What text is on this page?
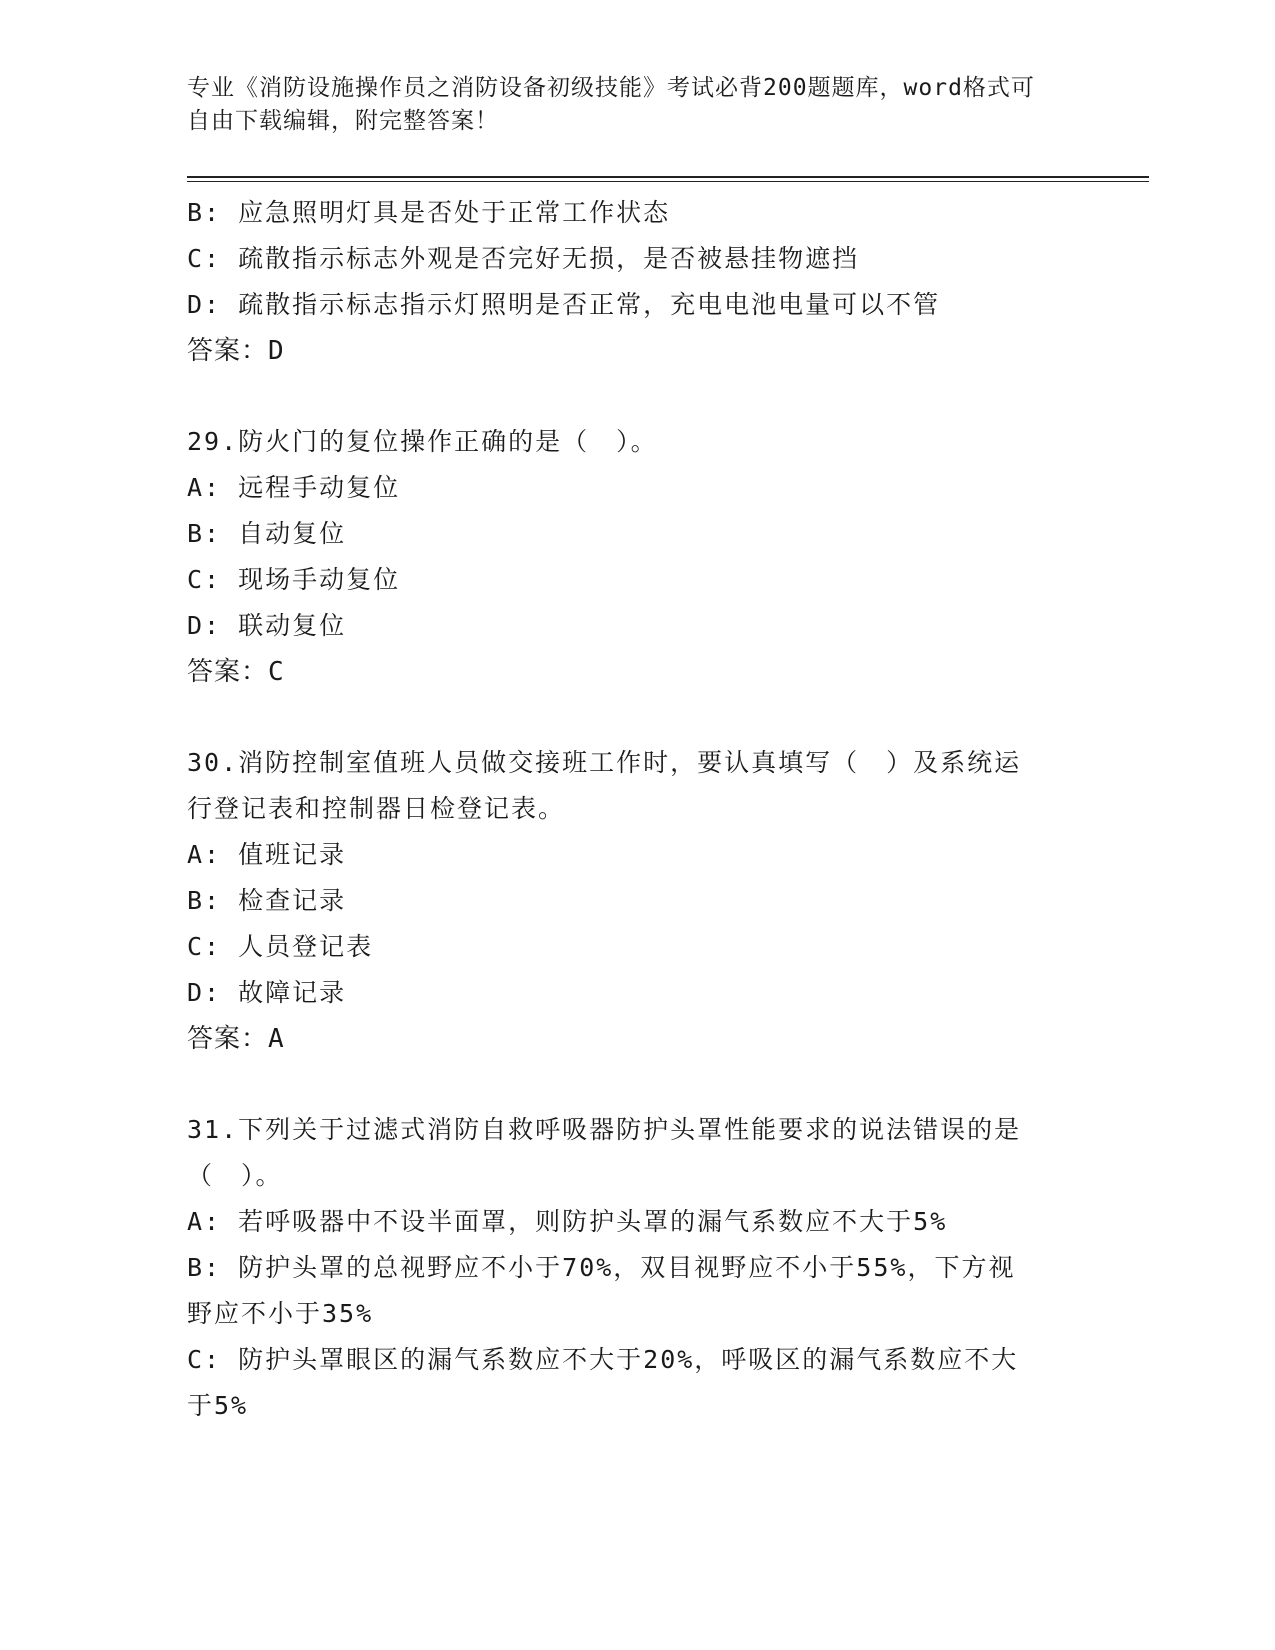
专业《消防设施操作员之消防设备初级技能》考试必背200题题库，word格式可
自由下载编辑，附完整答案！
B: 应急照明灯具是否处于正常工作状态
C: 疏散指示标志外观是否完好无损，是否被悬挂物遮挡
D: 疏散指示标志指示灯照明是否正常，充电电池电量可以不管
答案：D
29.防火门的复位操作正确的是（　）。
A: 远程手动复位
B: 自动复位
C: 现场手动复位
D: 联动复位
答案：C
30.消防控制室值班人员做交接班工作时，要认真填写（　）及系统运
行登记表和控制器日检登记表。
A: 值班记录
B: 检查记录
C: 人员登记表
D: 故障记录
答案：A
31.下列关于过滤式消防自救呼吸器防护头罩性能要求的说法错误的是
（　）。
A: 若呼吸器中不设半面罩，则防护头罩的漏气系数应不大于5%
B: 防护头罩的总视野应不小于70%，双目视野应不小于55%，下方视
野应不小于35%
C: 防护头罩眼区的漏气系数应不大于20%，呼吸区的漏气系数应不大
于5%
